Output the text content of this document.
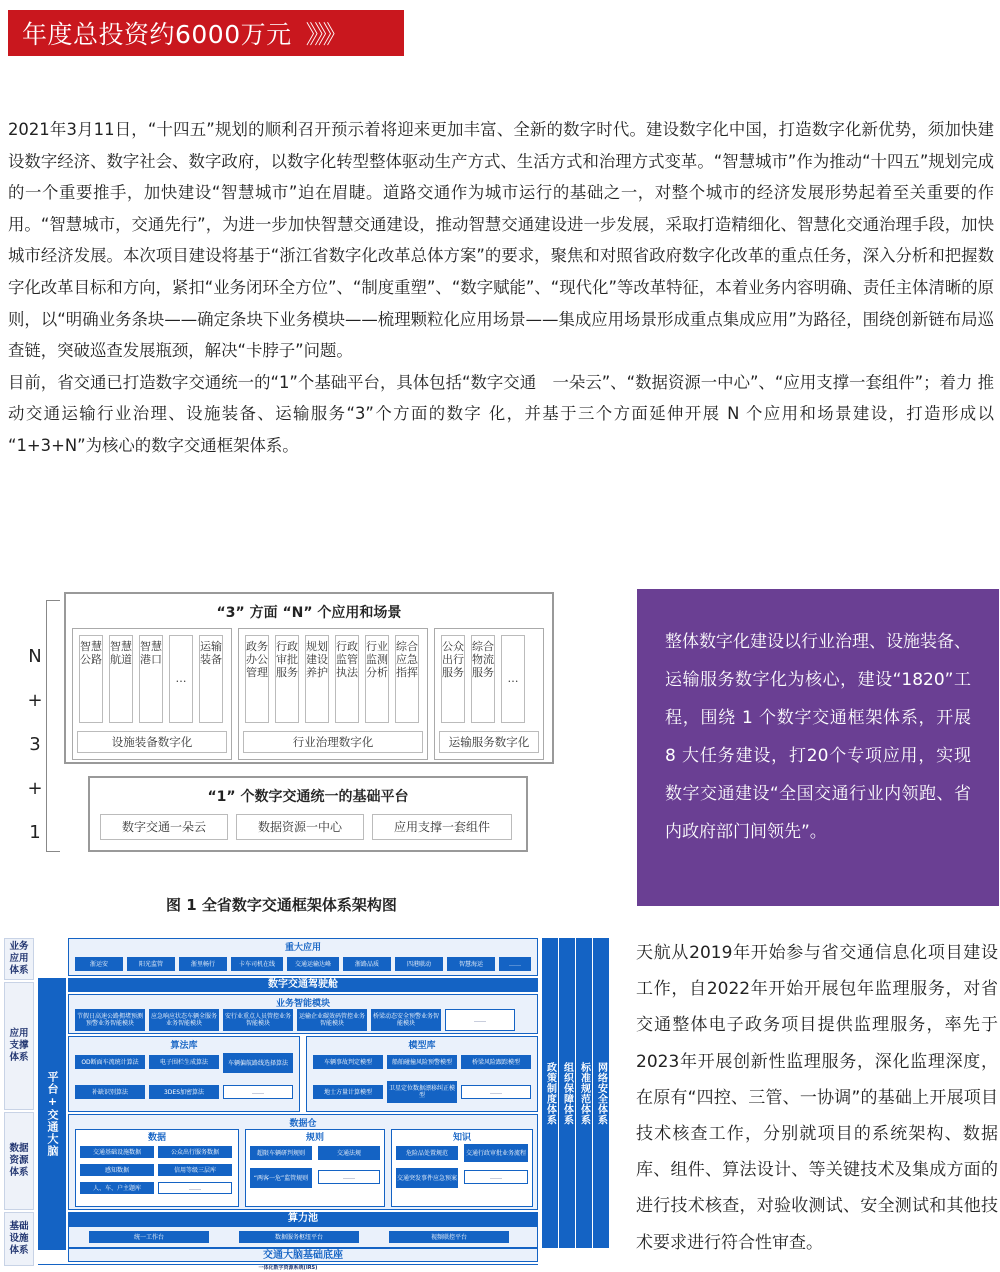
年度总投资约6000万元 》》》

2021年3月11日，“十四五”规划的顺利召开预示着将迎来更加丰富、全新的数字时代。建设数字化中国，打造数字化新优势，须加快建设数字经济、数字社会、数字政府，以数字化转型整体驱动生产方式、生活方式和治理方式变革。“智慧城市”作为推动“十四五”规划完成的一个重要推手，加快建设“智慧城市”迫在眉睫。道路交通作为城市运行的基础之一，对整个城市的经济发展形势起着至关重要的作用。“智慧城市，交通先行”，为进一步加快智慧交通建设，推动智慧交通建设进一步发展，采取打造精细化、智慧化交通治理手段，加快城市经济发展。本次项目建设将基于“浙江省数字化改革总体方案”的要求，聚焦和对照省政府数字化改革的重点任务，深入分析和把握数字化改革目标和方向，紧扣“业务闭环全方位”、“制度重塑”、“数字赋能”、“现代化”等改革特征，本着业务内容明确、责任主体清晰的原则，以“明确业务条块——确定条块下业务模块——梳理颗粒化应用场景——集成应用场景形成重点集成应用”为路径，围绕创新链布局巡查链，突破巡查发展瓶颈，解决“卡脖子”问题。

目前，省交通已打造数字交通统一的“1”个基础平台，具体包括“数字交通　一朵云”、“数据资源一中心”、“应用支撑一套组件”；着力 推动交通运输行业治理、设施装备、运输服务“3”个方面的数字 化，并基于三个方面延伸开展 N 个应用和场景建设，打造形成以 “1+3+N”为核心的数字交通框架体系。

N
+
3
+
1
“3” 方面 “N” 个应用和场景
智慧公路
智慧航道
智慧港口
…
运输装备
设施装备数字化
政务办公管理
行政审批服务
规划建设养护
行政监管执法
行业监测分析
综合应急指挥
行业治理数字化
公众出行服务
综合物流服务	…
运输服务数字化
“1” 个数字交通统一的基础平台
数字交通一朵云	数据资源一中心	应用支撑一套组件
图 1 全省数字交通框架体系架构图
整体数字化建设以行业治理、设施装备、运输服务数字化为核心，建设“1820”工程，围绕 1 个数字交通框架体系，开展 8 大任务建设，打20个专项应用，实现数字交通建设“全国交通行业内领跑、省内政府部门间领先”。
业务应用体系
应用支撑体系
数据资源体系
基础设施体系
平台+交通大脑
重大应用
浙运安	阳光监管	浙里畅行	卡车司机在线	交通运输达峰	浙路品质	四港联动	智慧海运	……
数字交通驾驶舱
业务智能模块
节假日高速公路拥堵预测预警业务智能模块
应急响应状态车辆全服务业务智能模块
安行业重点人员管控业务智能模块
运输企业碳效码管控业务智能模块
桥梁动态安全预警业务智能模块	……
算法库
OD断面车流统计算法	电子围栏生成算法	车辆偏航路线选择算法
补缺识别算法	3DES加密算法	……
模型库
车辆事故判定模型	船舶碰撞风险预警模型	桥梁风险跟踪模型
地士方量计算模型	卫星定位数据漂移纠正模型	……
数据仓
数据
交通基础设施数据	公众出行服务数据
感知数据	信用等级三层库
人、车、户主题库	……
规则
超限车辆研判规则	交通法规
“两客一危”监管规则	……
知识
危险品处置规范	交通行政审批业务流程
交通突发事件应急预案	……
算力池
统一工作台	数据服务枢纽平台	视频联控平台
交通大脑基础底座
一体化数字资源系统(IRS)
政策制度体系 组织保障体系 标准规范体系 网络安全体系
天航从2019年开始参与省交通信息化项目建设工作，自2022年开始开展包年监理服务，对省交通整体电子政务项目提供监理服务，率先于2023年开展创新性监理服务，深化监理深度，在原有“四控、三管、一协调”的基础上开展项目技术核查工作，分别就项目的系统架构、数据库、组件、算法设计、等关键技术及集成方面的进行技术核查，对验收测试、安全测试和其他技术要求进行符合性审查。
